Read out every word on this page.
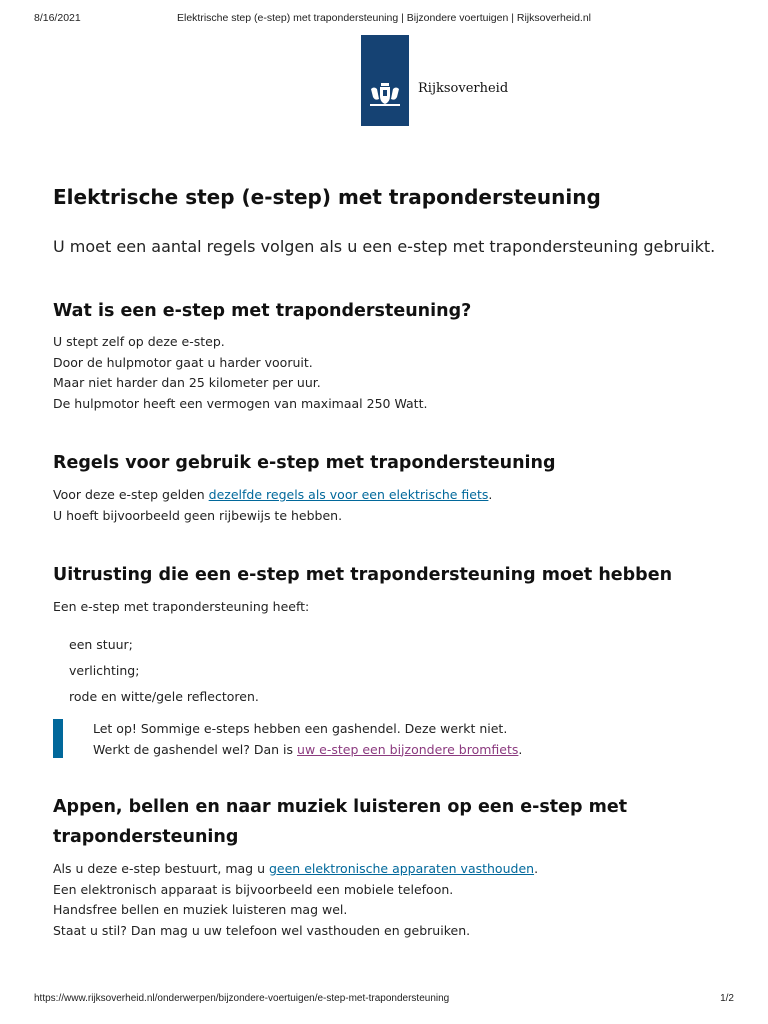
8/16/2021	Elektrische step (e-step) met trapondersteuning | Bijzondere voertuigen | Rijksoverheid.nl
Rijksoverheid
Elektrische step (e-step) met trapondersteuning

U moet een aantal regels volgen als u een e-step met trapondersteuning gebruikt.

Wat is een e-step met trapondersteuning?

U stept zelf op deze e-step.
Door de hulpmotor gaat u harder vooruit.
Maar niet harder dan 25 kilometer per uur.
De hulpmotor heeft een vermogen van maximaal 250 Watt.

Regels voor gebruik e-step met trapondersteuning

Voor deze e-step gelden dezelfde regels als voor een elektrische fiets.
U hoeft bijvoorbeeld geen rijbewijs te hebben.

Uitrusting die een e-step met trapondersteuning moet hebben

Een e-step met trapondersteuning heeft:

een stuur;
verlichting;
rode en witte/gele reflectoren.
Appen, bellen en naar muziek luisteren op een e-step met
trapondersteuning

Als u deze e-step bestuurt, mag u geen elektronische apparaten vasthouden.
Een elektronisch apparaat is bijvoorbeeld een mobiele telefoon.
Handsfree bellen en muziek luisteren mag wel.
Staat u stil? Dan mag u uw telefoon wel vasthouden en gebruiken.

Let op! Sommige e-steps hebben een gashendel. Deze werkt niet.
Werkt de gashendel wel? Dan is uw e-step een bijzondere bromfiets.

https://www.rijksoverheid.nl/onderwerpen/bijzondere-voertuigen/e-step-met-trapondersteuning	1/2
